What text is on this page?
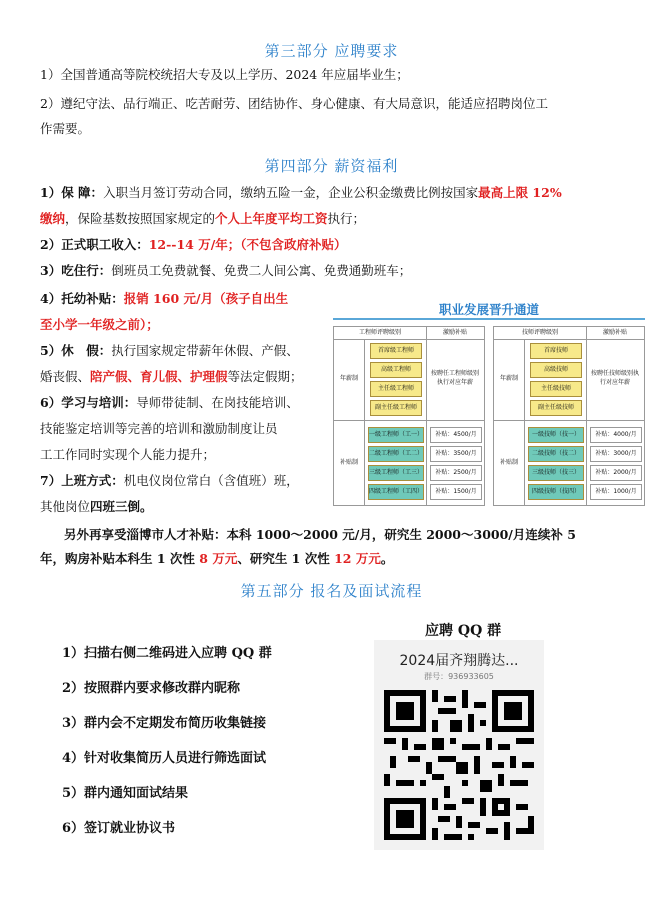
第三部分 应聘要求
1）全国普通高等院校统招大专及以上学历、2024 年应届毕业生；
2）遵纪守法、品行端正、吃苦耐劳、团结协作、身心健康、有大局意识，能适应招聘岗位工
作需要。
第四部分 薪资福利
1）保 障：入职当月签订劳动合同，缴纳五险一金，企业公积金缴费比例按国家最高上限 12%
缴纳，保险基数按照国家规定的个人上年度平均工资执行；
2）正式职工收入：12--14 万/年；（不包含政府补贴）
3）吃住行：倒班员工免费就餐、免费二人间公寓、免费通勤班车；
4）托幼补贴：报销 160 元/月（孩子自出生
至小学一年级之前）；
5）休　假：执行国家规定带薪年休假、产假、
婚丧假、陪产假、育儿假、护理假等法定假期；
6）学习与培训：导师带徒制、在岗技能培训、
技能鉴定培训等完善的培训和激励制度让员
工工作同时实现个人能力提升；
7）上班方式：机电仪岗位常白（含值班）班，
其他岗位四班三倒。
另外再享受淄博市人才补贴：本科 1000～2000 元/月，研究生 2000～3000/月连续补 5
年，购房补贴本科生 1 次性 8 万元、研究生 1 次性 12 万元。
职业发展晋升通道
工程师评聘级别	激励补贴
年薪制
补贴制
首席级工程师
高级工程师
主任级工程师
副主任级工程师
按聘任工程师级别执行对应年薪
一级工程师（工一）
二级工程师（工二）
三级工程师（工三）
四级工程师（工四）
补贴：4500/月
补贴：3500/月
补贴：2500/月
补贴：1500/月
技师评聘级别	激励补贴
年薪制
补贴制
首席技师
高级技师
主任级技师
副主任级技师
按聘任技师级别执行对应年薪
一级技师（技一）
二级技师（技二）
三级技师（技三）
四级技师（技四）
补贴：4000/月
补贴：3000/月
补贴：2000/月
补贴：1000/月
第五部分 报名及面试流程
1）扫描右侧二维码进入应聘 QQ 群
2）按照群内要求修改群内昵称
3）群内会不定期发布简历收集链接
4）针对收集简历人员进行筛选面试
5）群内通知面试结果
6）签订就业协议书
应聘 QQ 群
2024届齐翔腾达...
群号：936933605
